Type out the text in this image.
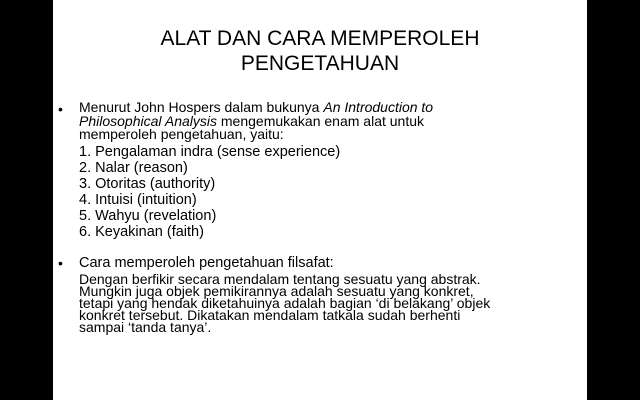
ALAT DAN CARA MEMPEROLEH
PENGETAHUAN
• Menurut John Hospers dalam bukunya An Introduction to
Philosophical Analysis mengemukakan enam alat untuk
memperoleh pengetahuan, yaitu:
1. Pengalaman indra (sense experience)
2. Nalar (reason)
3. Otoritas (authority)
4. Intuisi (intuition)
5. Wahyu (revelation)
6. Keyakinan (faith)
• Cara memperoleh pengetahuan filsafat:
Dengan berfikir secara mendalam tentang sesuatu yang abstrak.
Mungkin juga objek pemikirannya adalah sesuatu yang konkret,
tetapi yang hendak diketahuinya adalah bagian ‘di belakang’ objek
konkret tersebut. Dikatakan mendalam tatkala sudah berhenti
sampai ‘tanda tanya’.
